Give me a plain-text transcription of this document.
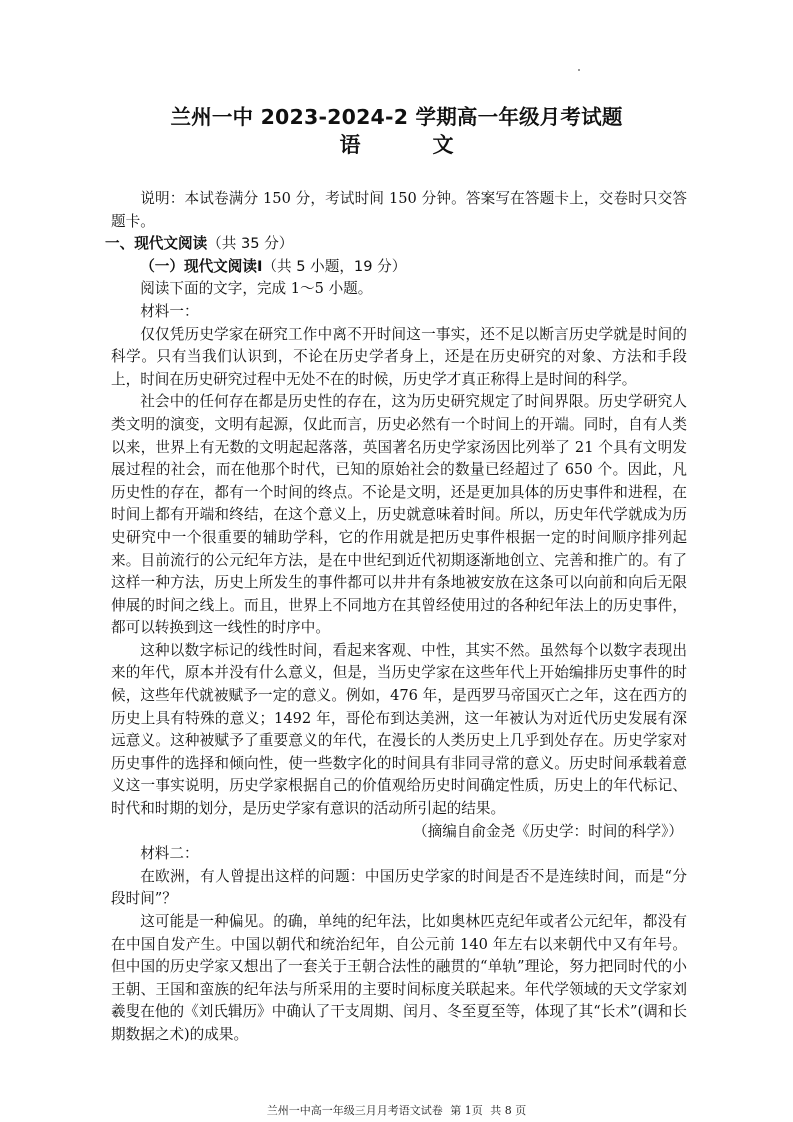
兰州一中 2023-2024-2 学期高一年级月考试题
语	文

说明：本试卷满分 150 分，考试时间 150 分钟。答案写在答题卡上，交卷时只交答题卡。

一、现代文阅读（共 35 分）

（一）现代文阅读Ⅰ（共 5 小题，19 分）

阅读下面的文字，完成 1～5 小题。

材料一：

仅仅凭历史学家在研究工作中离不开时间这一事实，还不足以断言历史学就是时间的科学。只有当我们认识到，不论在历史学者身上，还是在历史研究的对象、方法和手段上，时间在历史研究过程中无处不在的时候，历史学才真正称得上是时间的科学。

社会中的任何存在都是历史性的存在，这为历史研究规定了时间界限。历史学研究人类文明的演变，文明有起源，仅此而言，历史必然有一个时间上的开端。同时，自有人类以来，世界上有无数的文明起起落落，英国著名历史学家汤因比列举了 21 个具有文明发展过程的社会，而在他那个时代，已知的原始社会的数量已经超过了 650 个。因此，凡历史性的存在，都有一个时间的终点。不论是文明，还是更加具体的历史事件和进程，在时间上都有开端和终结，在这个意义上，历史就意味着时间。所以，历史年代学就成为历史研究中一个很重要的辅助学科，它的作用就是把历史事件根据一定的时间顺序排列起来。目前流行的公元纪年方法，是在中世纪到近代初期逐渐地创立、完善和推广的。有了这样一种方法，历史上所发生的事件都可以井井有条地被安放在这条可以向前和向后无限伸展的时间之线上。而且，世界上不同地方在其曾经使用过的各种纪年法上的历史事件，都可以转换到这一线性的时序中。

这种以数字标记的线性时间，看起来客观、中性，其实不然。虽然每个以数字表现出来的年代，原本并没有什么意义，但是，当历史学家在这些年代上开始编排历史事件的时候，这些年代就被赋予一定的意义。例如，476 年，是西罗马帝国灭亡之年，这在西方的历史上具有特殊的意义；1492 年，哥伦布到达美洲，这一年被认为对近代历史发展有深远意义。这种被赋予了重要意义的年代，在漫长的人类历史上几乎到处存在。历史学家对历史事件的选择和倾向性，使一些数字化的时间具有非同寻常的意义。历史时间承载着意义这一事实说明，历史学家根据自己的价值观给历史时间确定性质，历史上的年代标记、时代和时期的划分，是历史学家有意识的活动所引起的结果。

（摘编自俞金尧《历史学：时间的科学》）

材料二：

在欧洲，有人曾提出这样的问题：中国历史学家的时间是否不是连续时间，而是“分段时间”？

这可能是一种偏见。的确，单纯的纪年法，比如奥林匹克纪年或者公元纪年，都没有在中国自发产生。中国以朝代和统治纪年，自公元前 140 年左右以来朝代中又有年号。但中国的历史学家又想出了一套关于王朝合法性的融贯的“单轨”理论，努力把同时代的小王朝、王国和蛮族的纪年法与所采用的主要时间标度关联起来。年代学领域的天文学家刘羲叟在他的《刘氏辑历》中确认了干支周期、闰月、冬至夏至等，体现了其“长术”(调和长期数据之术)的成果。

兰州一中高一年级三月月考语文试卷 第 1页 共 8 页
